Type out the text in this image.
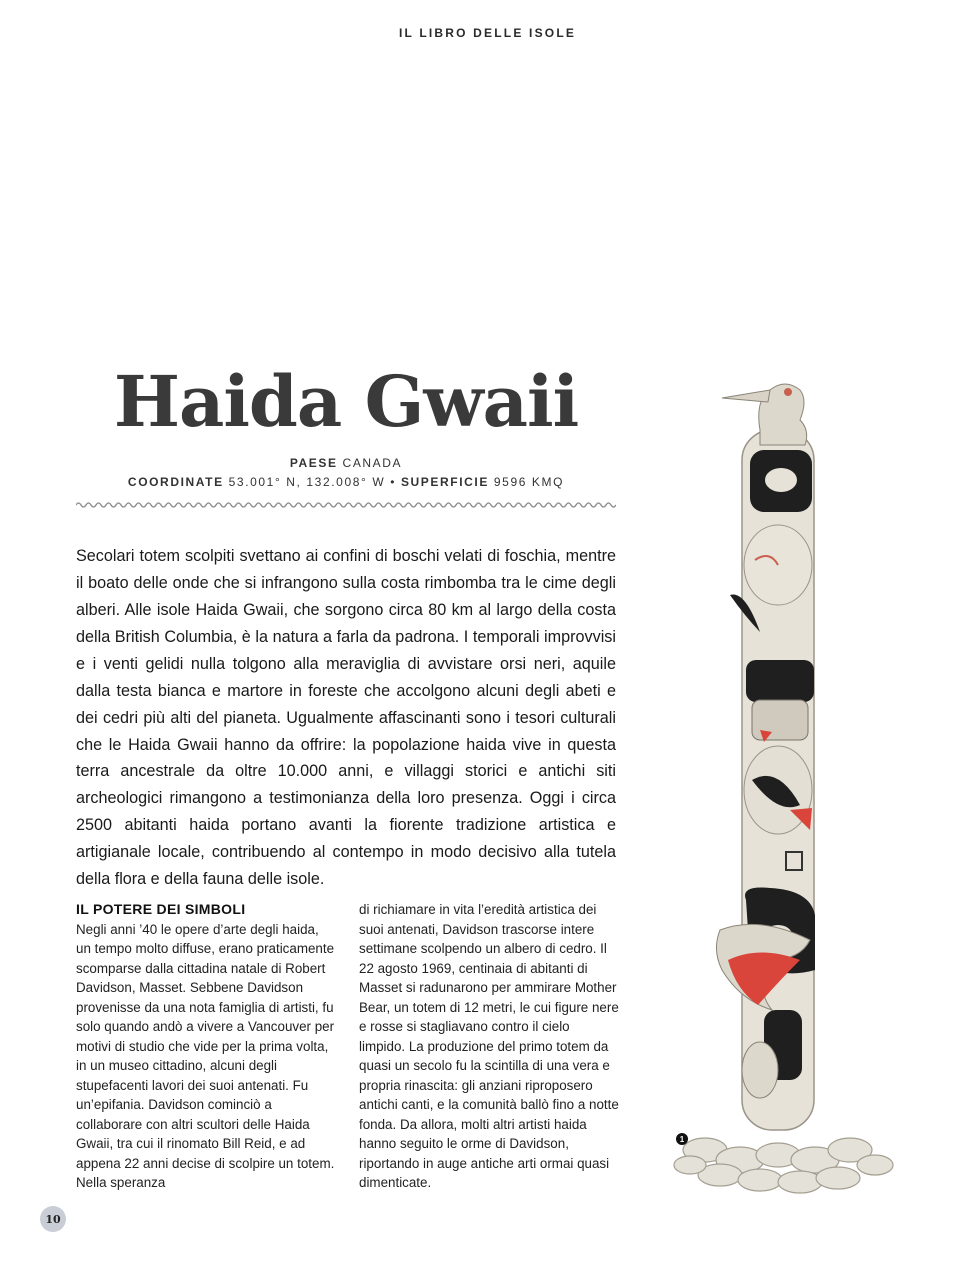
IL LIBRO DELLE ISOLE
Haida Gwaii
PAESE CANADA
COORDINATE 53.001° N, 132.008° W • SUPERFICIE 9596 KMQ

Secolari totem scolpiti svettano ai confini di boschi velati di foschia, mentre il boato delle onde che si infrangono sulla costa rimbomba tra le cime degli alberi. Alle isole Haida Gwaii, che sorgono circa 80 km al largo della costa della British Columbia, è la natura a farla da padrona. I temporali improvvisi e i venti gelidi nulla tolgono alla meraviglia di avvistare orsi neri, aquile dalla testa bianca e martore in foreste che accolgono alcuni degli abeti e dei cedri più alti del pianeta. Ugualmente affascinanti sono i tesori culturali che le Haida Gwaii hanno da offrire: la popolazione haida vive in questa terra ancestrale da oltre 10.000 anni, e villaggi storici e antichi siti archeologici rimangono a testimonianza della loro presenza. Oggi i circa 2500 abitanti haida portano avanti la fiorente tradizione artistica e artigianale locale, contribuendo al contempo in modo decisivo alla tutela della flora e della fauna delle isole.

IL POTERE DEI SIMBOLI
Negli anni ’40 le opere d’arte degli haida, un tempo molto diffuse, erano praticamente scomparse dalla cittadina natale di Robert Davidson, Masset. Sebbene Davidson provenisse da una nota famiglia di artisti, fu solo quando andò a vivere a Vancouver per motivi di studio che vide per la prima volta, in un museo cittadino, alcuni degli stupefacenti lavori dei suoi antenati. Fu un’epifania. Davidson cominciò a collaborare con altri scultori delle Haida Gwaii, tra cui il rinomato Bill Reid, e ad appena 22 anni decise di scolpire un totem. Nella speranza
di richiamare in vita l’eredità artistica dei suoi antenati, Davidson trascorse intere settimane scolpendo un albero di cedro. Il 22 agosto 1969, centinaia di abitanti di Masset si radunarono per ammirare Mother Bear, un totem di 12 metri, le cui figure nere e rosse si stagliavano contro il cielo limpido. La produzione del primo totem da quasi un secolo fu la scintilla di una vera e propria rinascita: gli anziani riproposero antichi canti, e la comunità ballò fino a notte fonda. Da allora, molti altri artisti haida hanno seguito le orme di Davidson, riportando in auge antiche arti ormai quasi dimenticate.
1
10
